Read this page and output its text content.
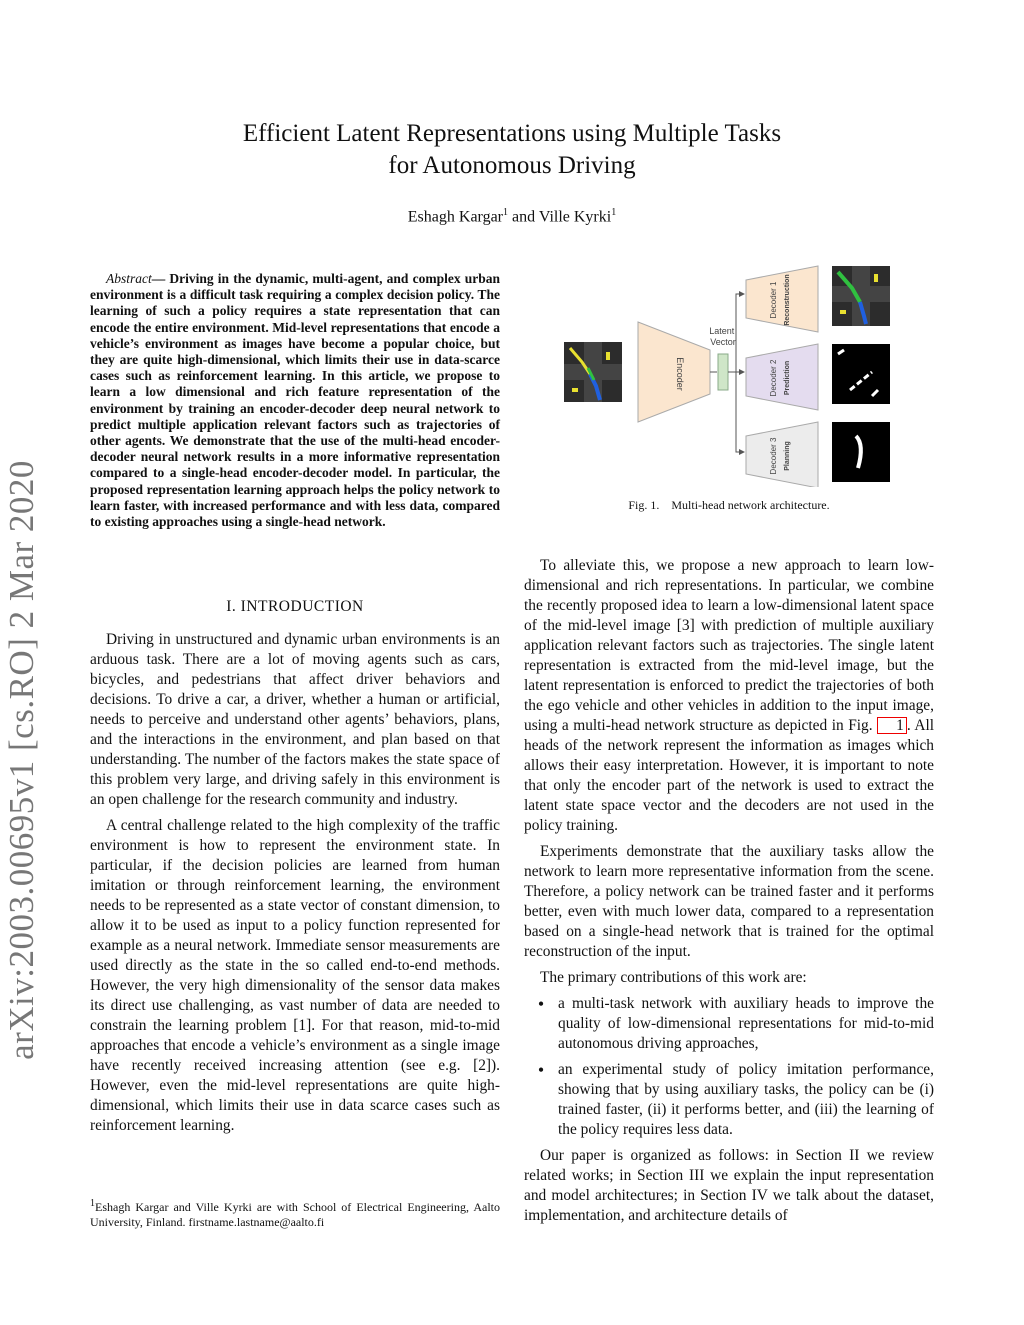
Efficient Latent Representations using Multiple Tasks
for Autonomous Driving
Eshagh Kargar$^1$ and Ville Kyrki$^1$
arXiv:2003.00695v1 [cs.RO] 2 Mar 2020
Abstract— Driving in the dynamic, multi-agent, and complex urban environment is a difficult task requiring a complex decision policy. The learning of such a policy requires a state representation that can encode the entire environment. Mid-level representations that encode a vehicle’s environment as images have become a popular choice, but they are quite high-dimensional, which limits their use in data-scarce cases such as reinforcement learning. In this article, we propose to learn a low dimensional and rich feature representation of the environment by training an encoder-decoder deep neural network to predict multiple application relevant factors such as trajectories of other agents. We demonstrate that the use of the multi-head encoder-decoder neural network results in a more informative representation compared to a single-head encoder-decoder model. In particular, the proposed representation learning approach helps the policy network to learn faster, with increased performance and with less data, compared to existing approaches using a single-head network.
I. INTRODUCTION

Driving in unstructured and dynamic urban environments is an arduous task. There are a lot of moving agents such as cars, bicycles, and pedestrians that affect driver behaviors and decisions. To drive a car, a driver, whether a human or artificial, needs to perceive and understand other agents’ behaviors, plans, and the interactions in the environment, and plan based on that understanding. The number of the factors makes the state space of this problem very large, and driving safely in this environment is an open challenge for the research community and industry.

A central challenge related to the high complexity of the traffic environment is how to represent the environment state. In particular, if the decision policies are learned from human imitation or through reinforcement learning, the environment needs to be represented as a state vector of constant dimension, to allow it to be used as input to a policy function represented for example as a neural network. Immediate sensor measurements are used directly as the state in the so called end-to-end methods. However, the very high dimensionality of the sensor data makes its direct use challenging, as vast number of data are needed to constrain the learning problem [1]. For that reason, mid-to-mid approaches that encode a vehicle’s environment as a single image have recently received increasing attention (see e.g. [2]). However, even the mid-level representations are quite high-dimensional, which limits their use in data scarce cases such as reinforcement learning.

$^1$Eshagh Kargar and Ville Kyrki are with School of Electrical Engineering, Aalto University, Finland. firstname.lastname@aalto.fi
Encoder
Latent Vector
Decoder 1 Reconstruction
Decoder 2 Prediction
Decoder 3 Planning
Fig. 1.    Multi-head network architecture.

To alleviate this, we propose a new approach to learn low-dimensional and rich representations. In particular, we combine the recently proposed idea to learn a low-dimensional latent space of the mid-level image [3] with prediction of multiple auxiliary application relevant factors such as trajectories. The single latent representation is extracted from the mid-level image, but the latent representation is enforced to predict the trajectories of both the ego vehicle and other vehicles in addition to the input image, using a multi-head network structure as depicted in Fig. 1 . All heads of the network represent the information as images which allows their easy interpretation. However, it is important to note that only the encoder part of the network is used to extract the latent state space vector and the decoders are not used in the policy training.

Experiments demonstrate that the auxiliary tasks allow the network to learn more representative information from the scene. Therefore, a policy network can be trained faster and it performs better, even with much lower data, compared to a representation based on a single-head network that is trained for the optimal reconstruction of the input.

The primary contributions of this work are:

• a multi-task network with auxiliary heads to improve the quality of low-dimensional representations for mid-to-mid autonomous driving approaches,
• an experimental study of policy imitation performance, showing that by using auxiliary tasks, the policy can be (i) trained faster, (ii) it performs better, and (iii) the learning of the policy requires less data.

Our paper is organized as follows: in Section II we review related works; in Section III we explain the input representation and model architectures; in Section IV we talk about the dataset, implementation, and architecture details of
